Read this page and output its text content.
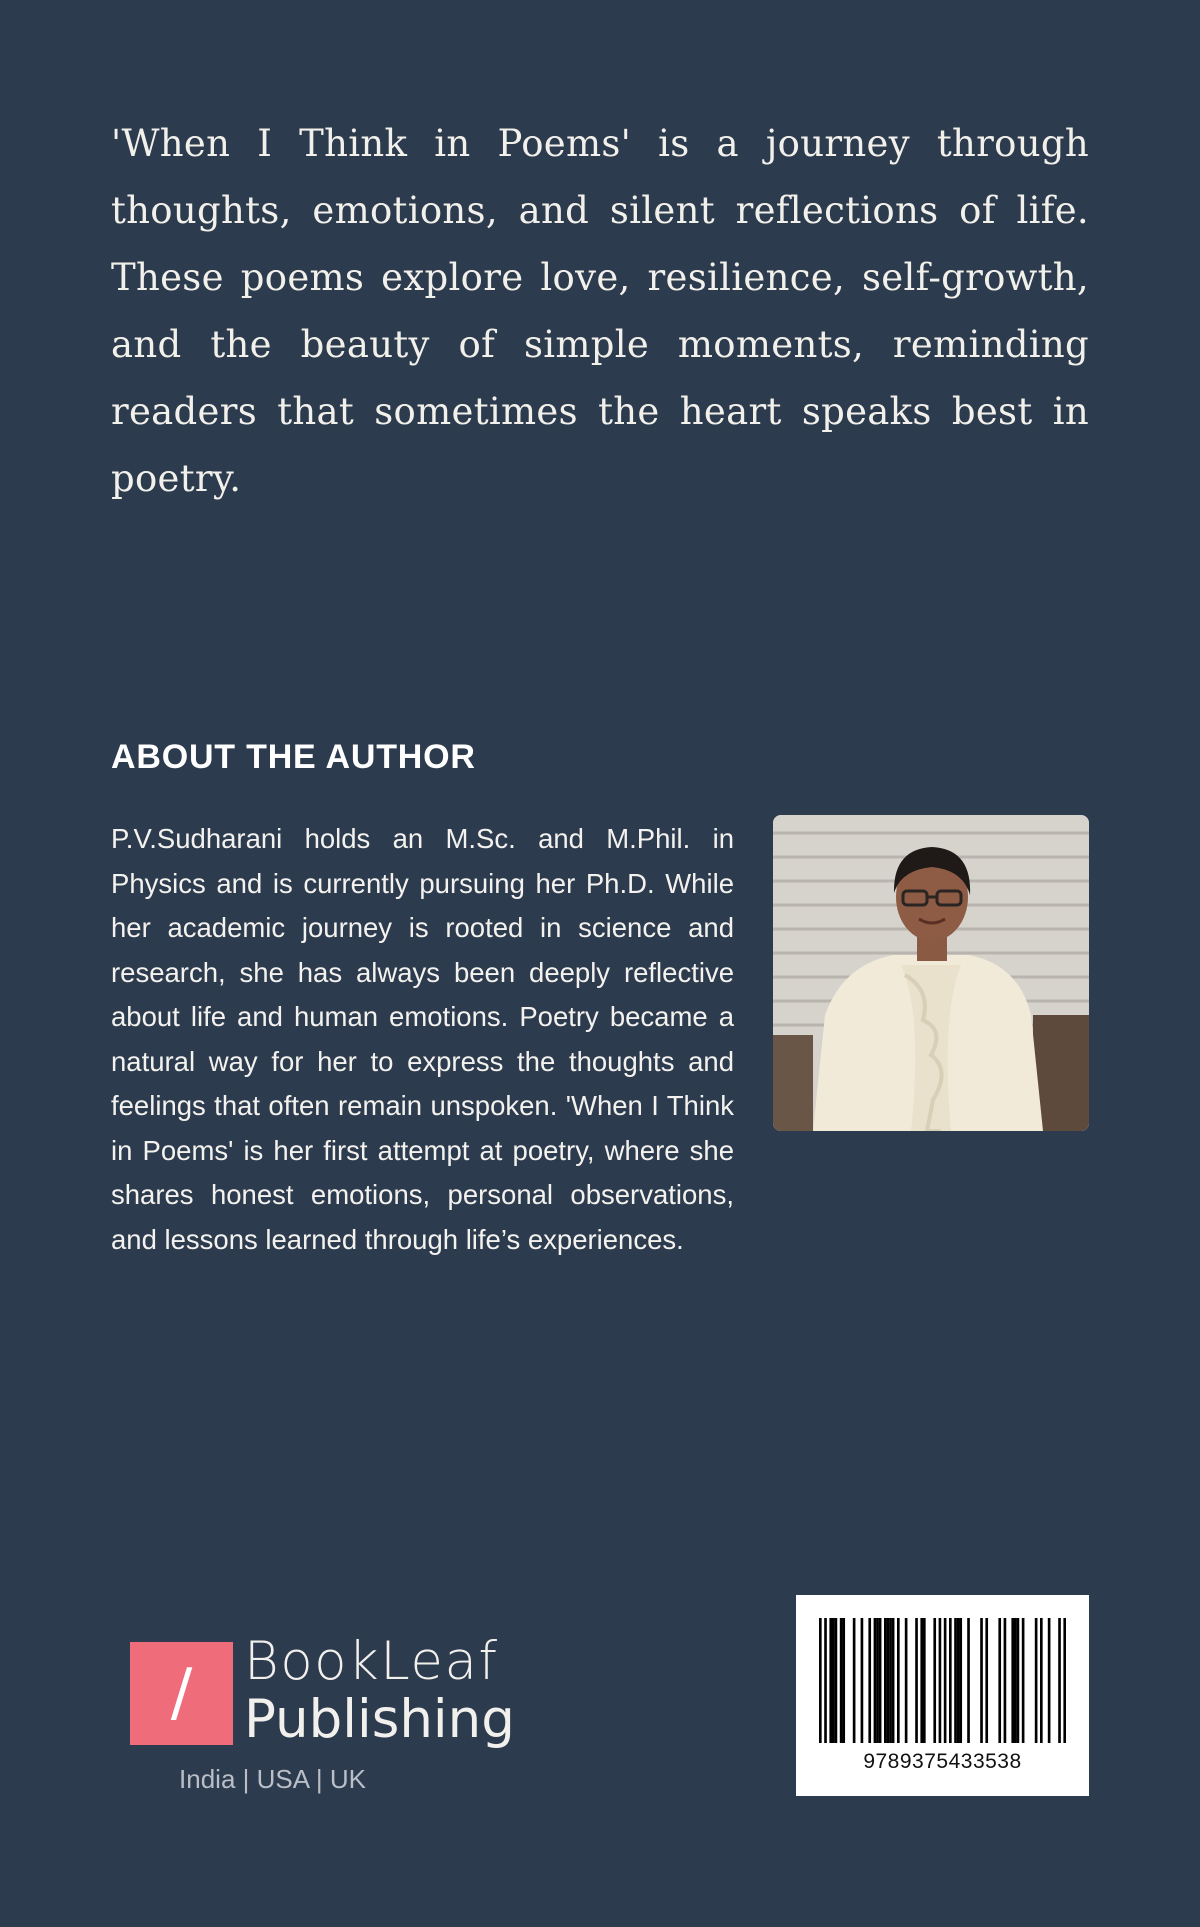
'When I Think in Poems' is a journey through thoughts, emotions, and silent reflections of life. These poems explore love, resilience, self-growth, and the beauty of simple moments, reminding readers that sometimes the heart speaks best in poetry.

ABOUT THE AUTHOR

P.V.Sudharani holds an M.Sc. and M.Phil. in Physics and is currently pursuing her Ph.D. While her academic journey is rooted in science and research, she has always been deeply reflective about life and human emotions. Poetry became a natural way for her to express the thoughts and feelings that often remain unspoken. 'When I Think in Poems' is her first attempt at poetry, where she shares honest emotions, personal observations, and lessons learned through life’s experiences.

/ BookLeaf
Publishing
India | USA | UK
9789375433538
